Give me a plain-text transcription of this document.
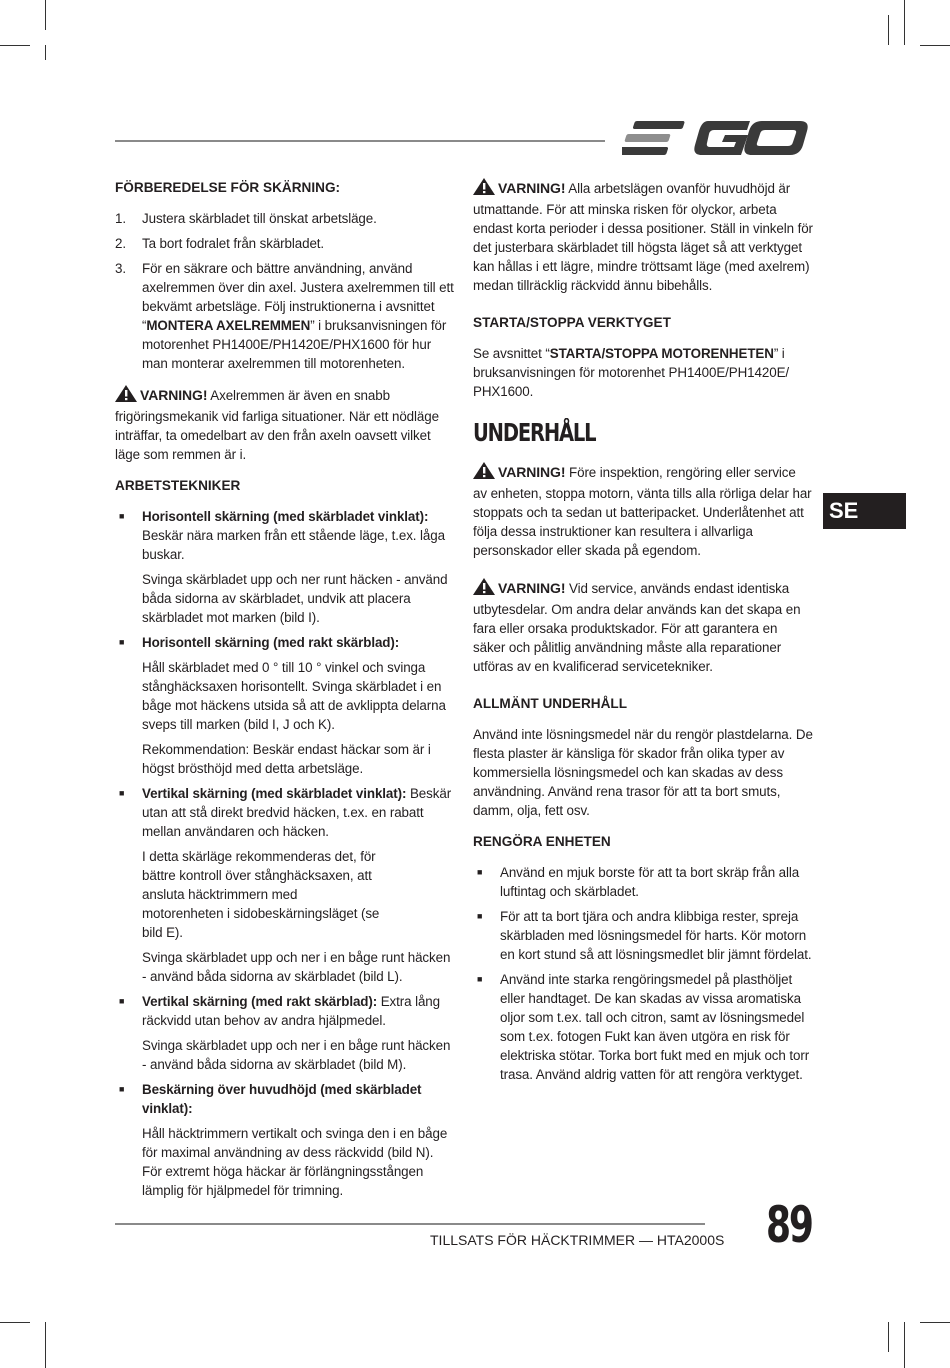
FÖRBEREDELSE FÖR SKÄRNING:
1.	Justera skärbladet till önskat arbetsläge.
2.	Ta bort fodralet från skärbladet.
3.	För en säkrare och bättre användning, använd axelremmen över din axel. Justera axelremmen till ett bekvämt arbetsläge. Följ instruktionerna i avsnittet “MONTERA AXELREMMEN” i bruksanvisningen för motorenhet PH1400E/PH1420E/PHX1600 för hur man monterar axelremmen till motorenheten.
VARNING! Axelremmen är även en snabb frigöringsmekanik vid farliga situationer. När ett nödläge inträffar, ta omedelbart av den från axeln oavsett vilket läge som remmen är i.
ARBETSTEKNIKER
■	Horisontell skärning (med skärbladet vinklat): Beskär nära marken från ett stående läge, t.ex. låga buskar.

Svinga skärbladet upp och ner runt häcken - använd båda sidorna av skärbladet, undvik att placera skärbladet mot marken (bild I).

■	Horisontell skärning (med rakt skärblad):

Håll skärbladet med 0 ° till 10 ° vinkel och svinga stånghäcksaxen horisontellt. Svinga skärbladet i en båge mot häckens utsida så att de avklippta delarna sveps till marken (bild I, J och K).

Rekommendation: Beskär endast häckar som är i högst brösthöjd med detta arbetsläge.

■	Vertikal skärning (med skärbladet vinklat): Beskär utan att stå direkt bredvid häcken, t.ex. en rabatt mellan användaren och häcken.

I detta skärläge rekommenderas det, för bättre kontroll över stånghäcksaxen, att ansluta häcktrimmern med motorenheten i sidobeskärningsläget (se bild E).

Svinga skärbladet upp och ner i en båge runt häcken - använd båda sidorna av skärbladet (bild L).

■	Vertikal skärning (med rakt skärblad): Extra lång räckvidd utan behov av andra hjälpmedel.

Svinga skärbladet upp och ner i en båge runt häcken - använd båda sidorna av skärbladet (bild M).

■	Beskärning över huvudhöjd (med skärbladet vinklat):

Håll häcktrimmern vertikalt och svinga den i en båge för maximal användning av dess räckvidd (bild N). För extremt höga häckar är förlängningsstången lämplig för hjälpmedel för trimning.

VARNING! Alla arbetslägen ovanför huvudhöjd är utmattande. För att minska risken för olyckor, arbeta endast korta perioder i dessa positioner. Ställ in vinkeln för det justerbara skärbladet till högsta läget så att verktyget kan hållas i ett lägre, mindre tröttsamt läge (med axelrem) medan tillräcklig räckvidd ännu bibehålls.
STARTA/STOPPA VERKTYGET

Se avsnittet “STARTA/STOPPA MOTORENHETEN” i bruksanvisningen för motorenhet PH1400E/PH1420E/ PHX1600.

UNDERHÅLL
VARNING! Före inspektion, rengöring eller service av enheten, stoppa motorn, vänta tills alla rörliga delar har stoppats och ta sedan ut batteripacket. Underlåtenhet att följa dessa instruktioner kan resultera i allvarliga personskador eller skada på egendom.
VARNING! Vid service, används endast identiska utbytesdelar. Om andra delar används kan det skapa en fara eller orsaka produktskador. För att garantera en säker och pålitlig användning måste alla reparationer utföras av en kvalificerad servicetekniker.
ALLMÄNT UNDERHÅLL

Använd inte lösningsmedel när du rengör plastdelarna. De flesta plaster är känsliga för skador från olika typer av kommersiella lösningsmedel och kan skadas av dess användning. Använd rena trasor för att ta bort smuts, damm, olja, fett osv.

RENGÖRA ENHETEN
■	Använd en mjuk borste för att ta bort skräp från alla luftintag och skärbladet.
■	För att ta bort tjära och andra klibbiga rester, spreja skärbladen med lösningsmedel för harts. Kör motorn en kort stund så att lösningsmedlet blir jämnt fördelat.
■	Använd inte starka rengöringsmedel på plasthöljet eller handtaget. De kan skadas av vissa aromatiska oljor som t.ex. tall och citron, samt av lösningsmedel som t.ex. fotogen Fukt kan även utgöra en risk för elektriska stötar. Torka bort fukt med en mjuk och torr trasa. Använd aldrig vatten för att rengöra verktyget.
SE
TILLSATS FÖR HÄCKTRIMMER — HTA2000S 89
